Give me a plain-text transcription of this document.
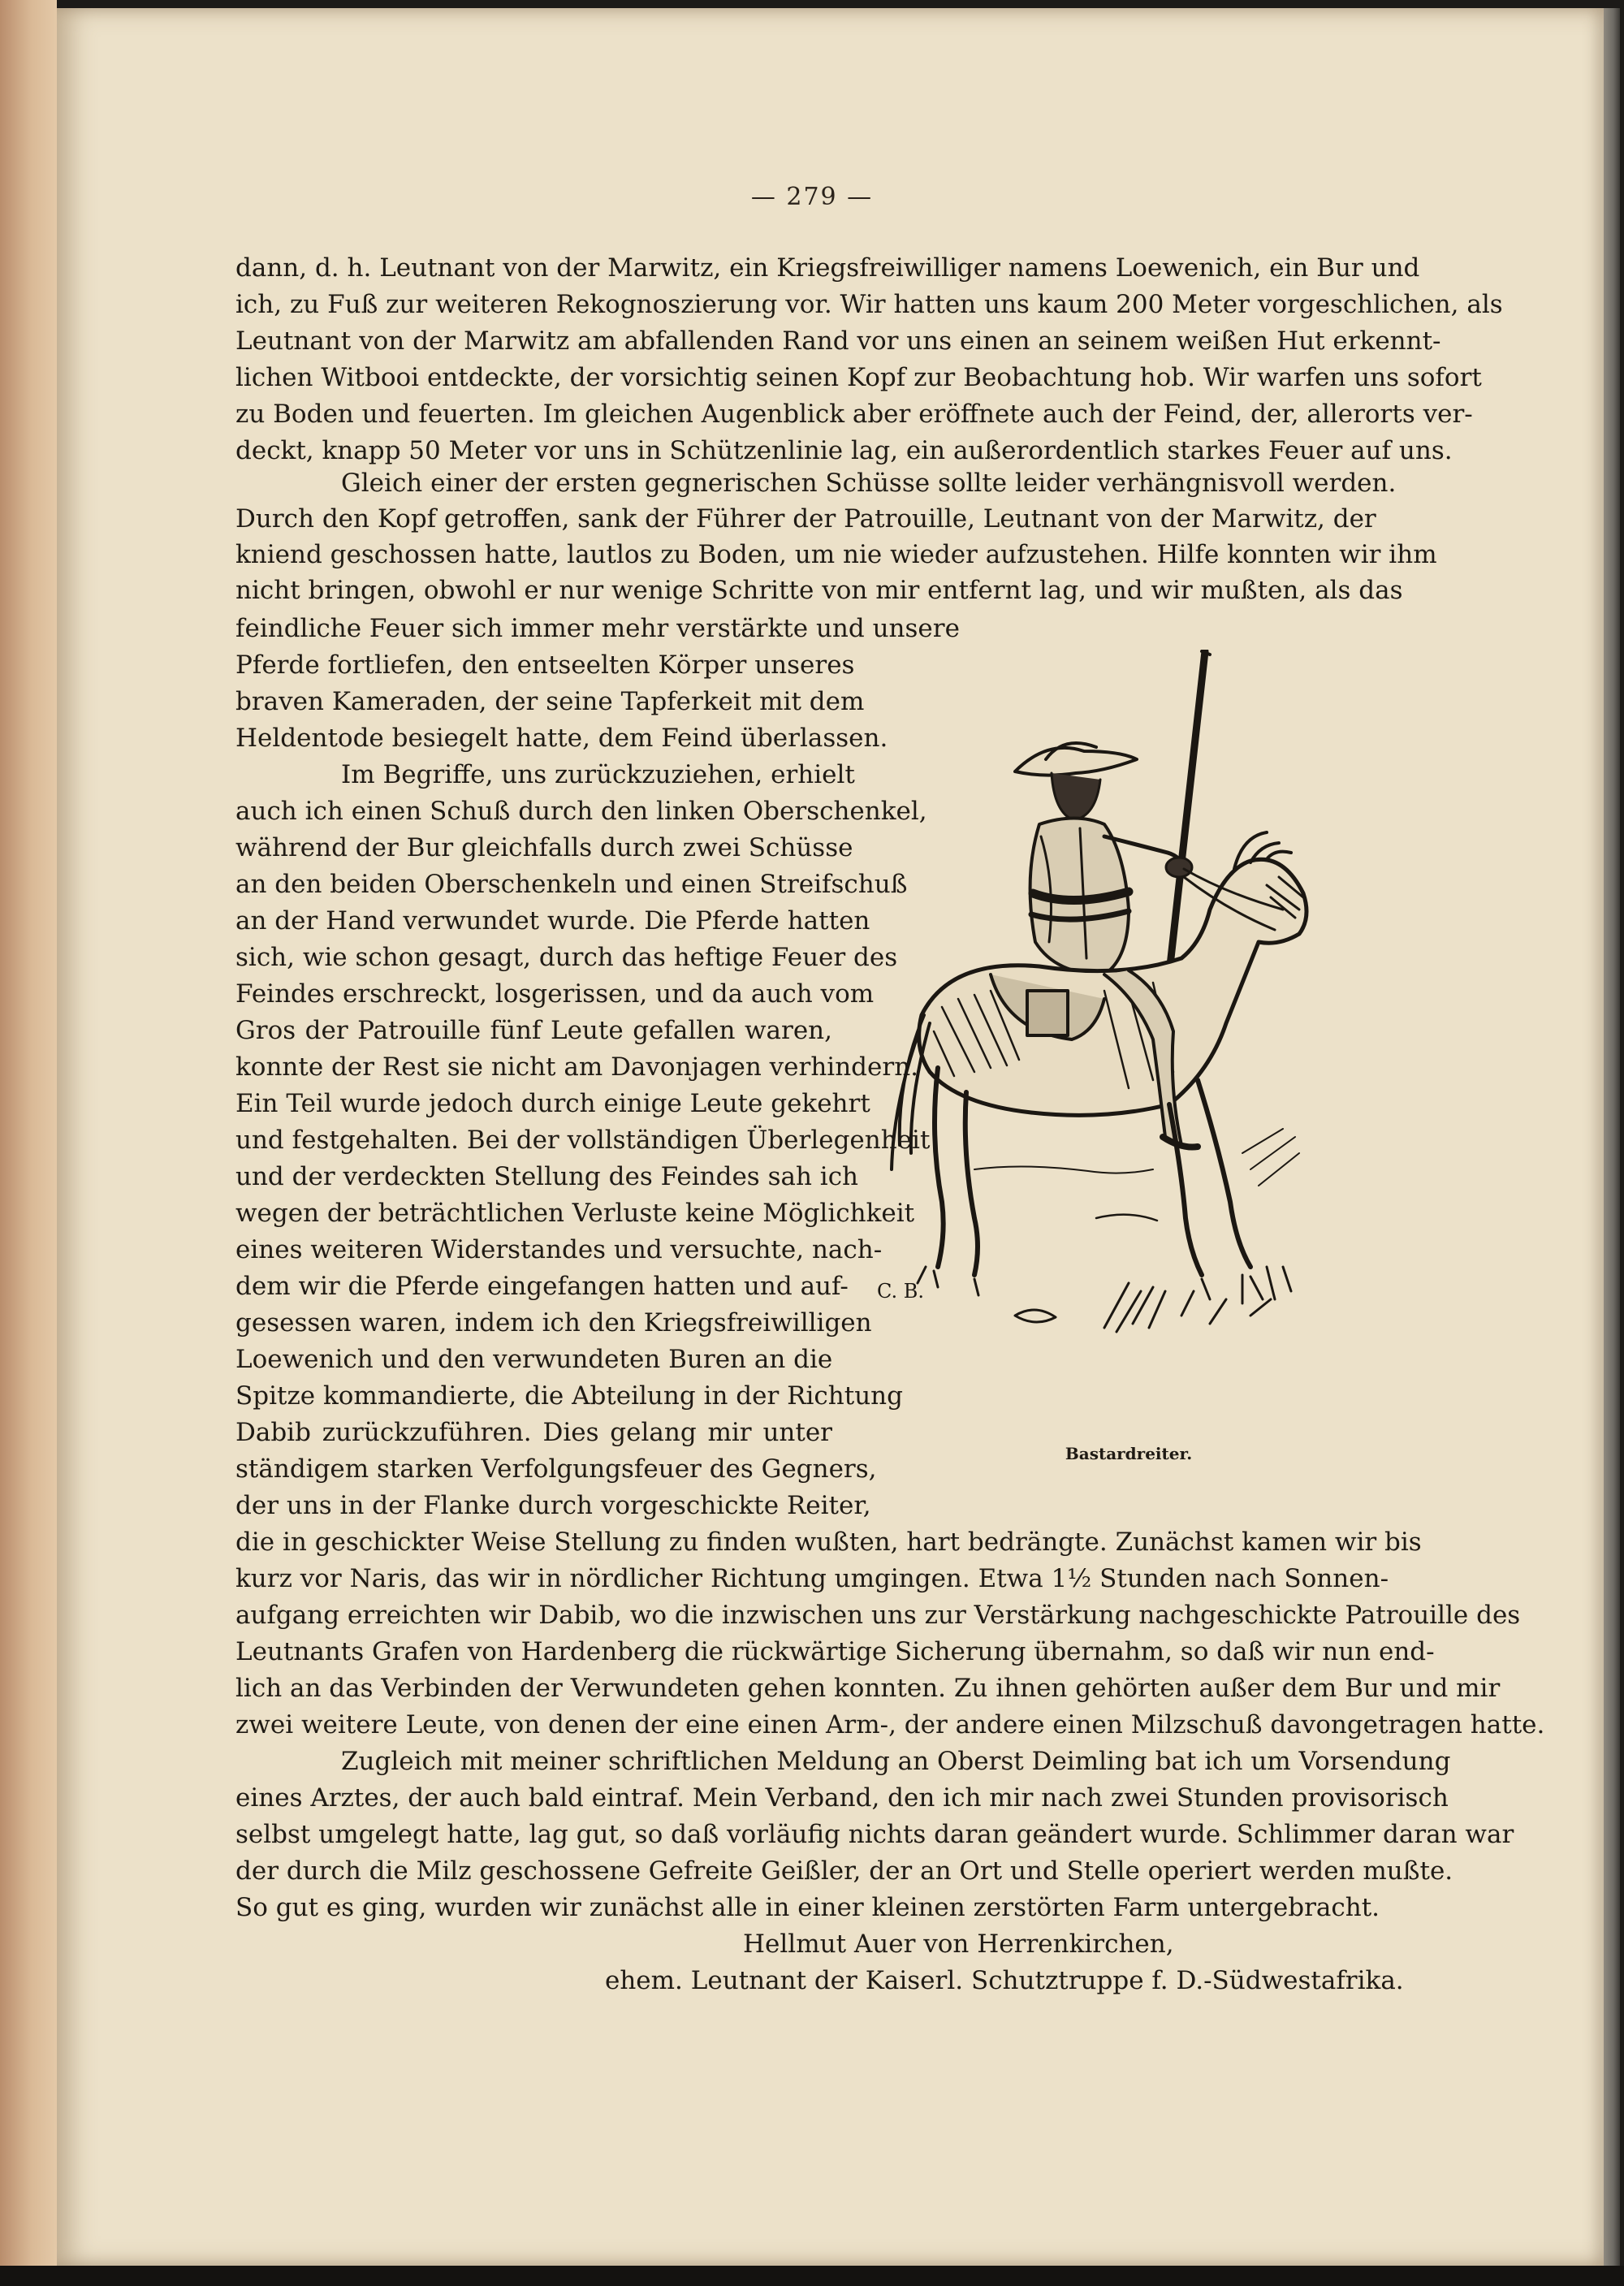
— 279 —
dann, d. h. Leutnant von der Marwitz, ein Kriegsfreiwilliger namens Loewenich, ein Bur und
ich, zu Fuß zur weiteren Rekognoszierung vor. Wir hatten uns kaum 200 Meter vorgeschlichen, als
Leutnant von der Marwitz am abfallenden Rand vor uns einen an seinem weißen Hut erkennt-
lichen Witbooi entdeckte, der vorsichtig seinen Kopf zur Beobachtung hob. Wir warfen uns sofort
zu Boden und feuerten. Im gleichen Augenblick aber eröffnete auch der Feind, der, allerorts ver-
deckt, knapp 50 Meter vor uns in Schützenlinie lag, ein außerordentlich starkes Feuer auf uns.
Gleich einer der ersten gegnerischen Schüsse sollte leider verhängnisvoll werden.
Durch den Kopf getroffen, sank der Führer der Patrouille, Leutnant von der Marwitz, der
kniend geschossen hatte, lautlos zu Boden, um nie wieder aufzustehen. Hilfe konnten wir ihm
nicht bringen, obwohl er nur wenige Schritte von mir entfernt lag, und wir mußten, als das
feindliche Feuer sich immer mehr verstärkte und unsere
Pferde fortliefen, den entseelten Körper unseres
braven Kameraden, der seine Tapferkeit mit dem
Heldentode besiegelt hatte, dem Feind überlassen.
Im Begriffe, uns zurückzuziehen, erhielt
auch ich einen Schuß durch den linken Oberschenkel,
während der Bur gleichfalls durch zwei Schüsse
an den beiden Oberschenkeln und einen Streifschuß
an der Hand verwundet wurde. Die Pferde hatten
sich, wie schon gesagt, durch das heftige Feuer des
Feindes erschreckt, losgerissen, und da auch vom
Gros der Patrouille fünf Leute gefallen waren,
konnte der Rest sie nicht am Davonjagen verhindern.
Ein Teil wurde jedoch durch einige Leute gekehrt
und festgehalten. Bei der vollständigen Überlegenheit
und der verdeckten Stellung des Feindes sah ich
wegen der beträchtlichen Verluste keine Möglichkeit
eines weiteren Widerstandes und versuchte, nach-
dem wir die Pferde eingefangen hatten und auf-
gesessen waren, indem ich den Kriegsfreiwilligen
Loewenich und den verwundeten Buren an die
Spitze kommandierte, die Abteilung in der Richtung
Dabib zurückzuführen. Dies gelang mir unter
ständigem starken Verfolgungsfeuer des Gegners,
der uns in der Flanke durch vorgeschickte Reiter,
die in geschickter Weise Stellung zu finden wußten, hart bedrängte. Zunächst kamen wir bis
kurz vor Naris, das wir in nördlicher Richtung umgingen. Etwa 1½ Stunden nach Sonnen-
aufgang erreichten wir Dabib, wo die inzwischen uns zur Verstärkung nachgeschickte Patrouille des
Leutnants Grafen von Hardenberg die rückwärtige Sicherung übernahm, so daß wir nun end-
lich an das Verbinden der Verwundeten gehen konnten. Zu ihnen gehörten außer dem Bur und mir
zwei weitere Leute, von denen der eine einen Arm-, der andere einen Milzschuß davongetragen hatte.
Zugleich mit meiner schriftlichen Meldung an Oberst Deimling bat ich um Vorsendung
eines Arztes, der auch bald eintraf. Mein Verband, den ich mir nach zwei Stunden provisorisch
selbst umgelegt hatte, lag gut, so daß vorläufig nichts daran geändert wurde. Schlimmer daran war
der durch die Milz geschossene Gefreite Geißler, der an Ort und Stelle operiert werden mußte.
So gut es ging, wurden wir zunächst alle in einer kleinen zerstörten Farm untergebracht.
Hellmut Auer von Herrenkirchen,
ehem. Leutnant der Kaiserl. Schutztruppe f. D.-Südwestafrika.
C. B.
Bastardreiter.
